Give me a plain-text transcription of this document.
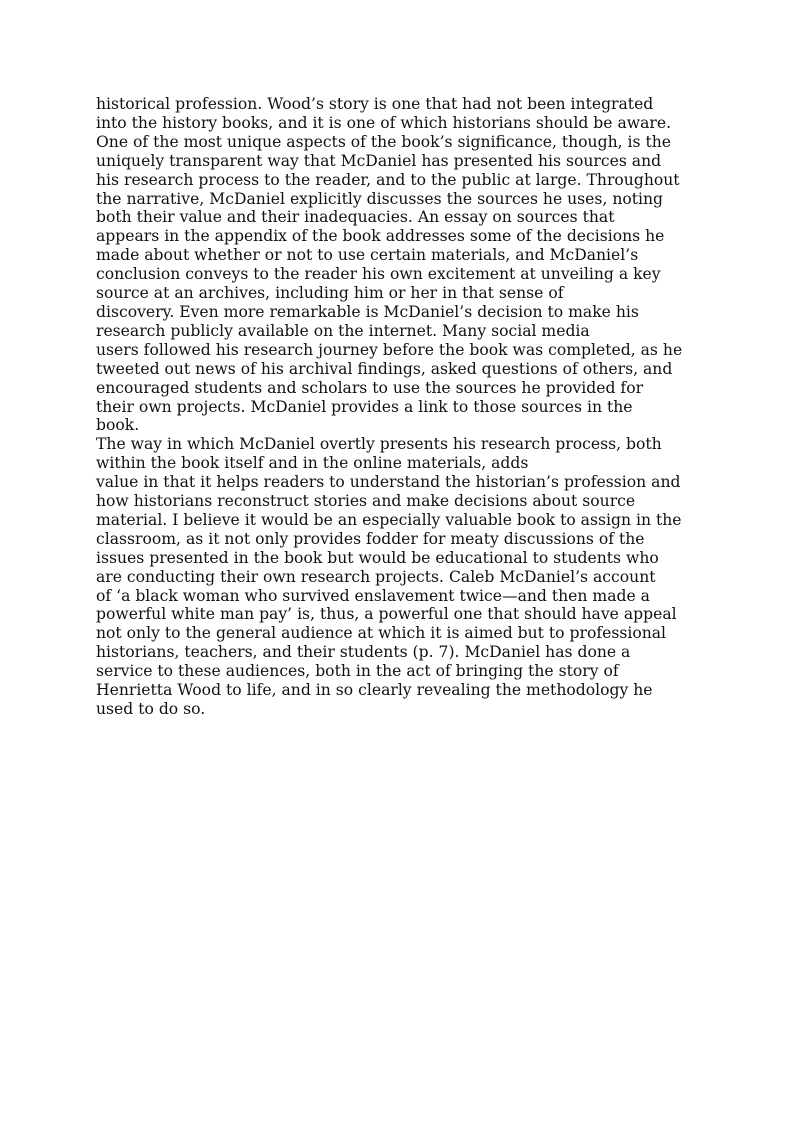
historical profession. Wood’s story is one that had not been integrated
into the history books, and it is one of which historians should be aware.
One of the most unique aspects of the book’s significance, though, is the
uniquely transparent way that McDaniel has presented his sources and
his research process to the reader, and to the public at large. Throughout
the narrative, McDaniel explicitly discusses the sources he uses, noting
both their value and their inadequacies. An essay on sources that
appears in the appendix of the book addresses some of the decisions he
made about whether or not to use certain materials, and McDaniel’s
conclusion conveys to the reader his own excitement at unveiling a key
source at an archives, including him or her in that sense of
discovery. Even more remarkable is McDaniel’s decision to make his
research publicly available on the internet. Many social media
users followed his research journey before the book was completed, as he
tweeted out news of his archival findings, asked questions of others, and
encouraged students and scholars to use the sources he provided for
their own projects. McDaniel provides a link to those sources in the
book.
The way in which McDaniel overtly presents his research process, both
within the book itself and in the online materials, adds
value in that it helps readers to understand the historian’s profession and
how historians reconstruct stories and make decisions about source
material. I believe it would be an especially valuable book to assign in the
classroom, as it not only provides fodder for meaty discussions of the
issues presented in the book but would be educational to students who
are conducting their own research projects. Caleb McDaniel’s account
of ‘a black woman who survived enslavement twice—and then made a
powerful white man pay’ is, thus, a powerful one that should have appeal
not only to the general audience at which it is aimed but to professional
historians, teachers, and their students (p. 7). McDaniel has done a
service to these audiences, both in the act of bringing the story of
Henrietta Wood to life, and in so clearly revealing the methodology he
used to do so.
